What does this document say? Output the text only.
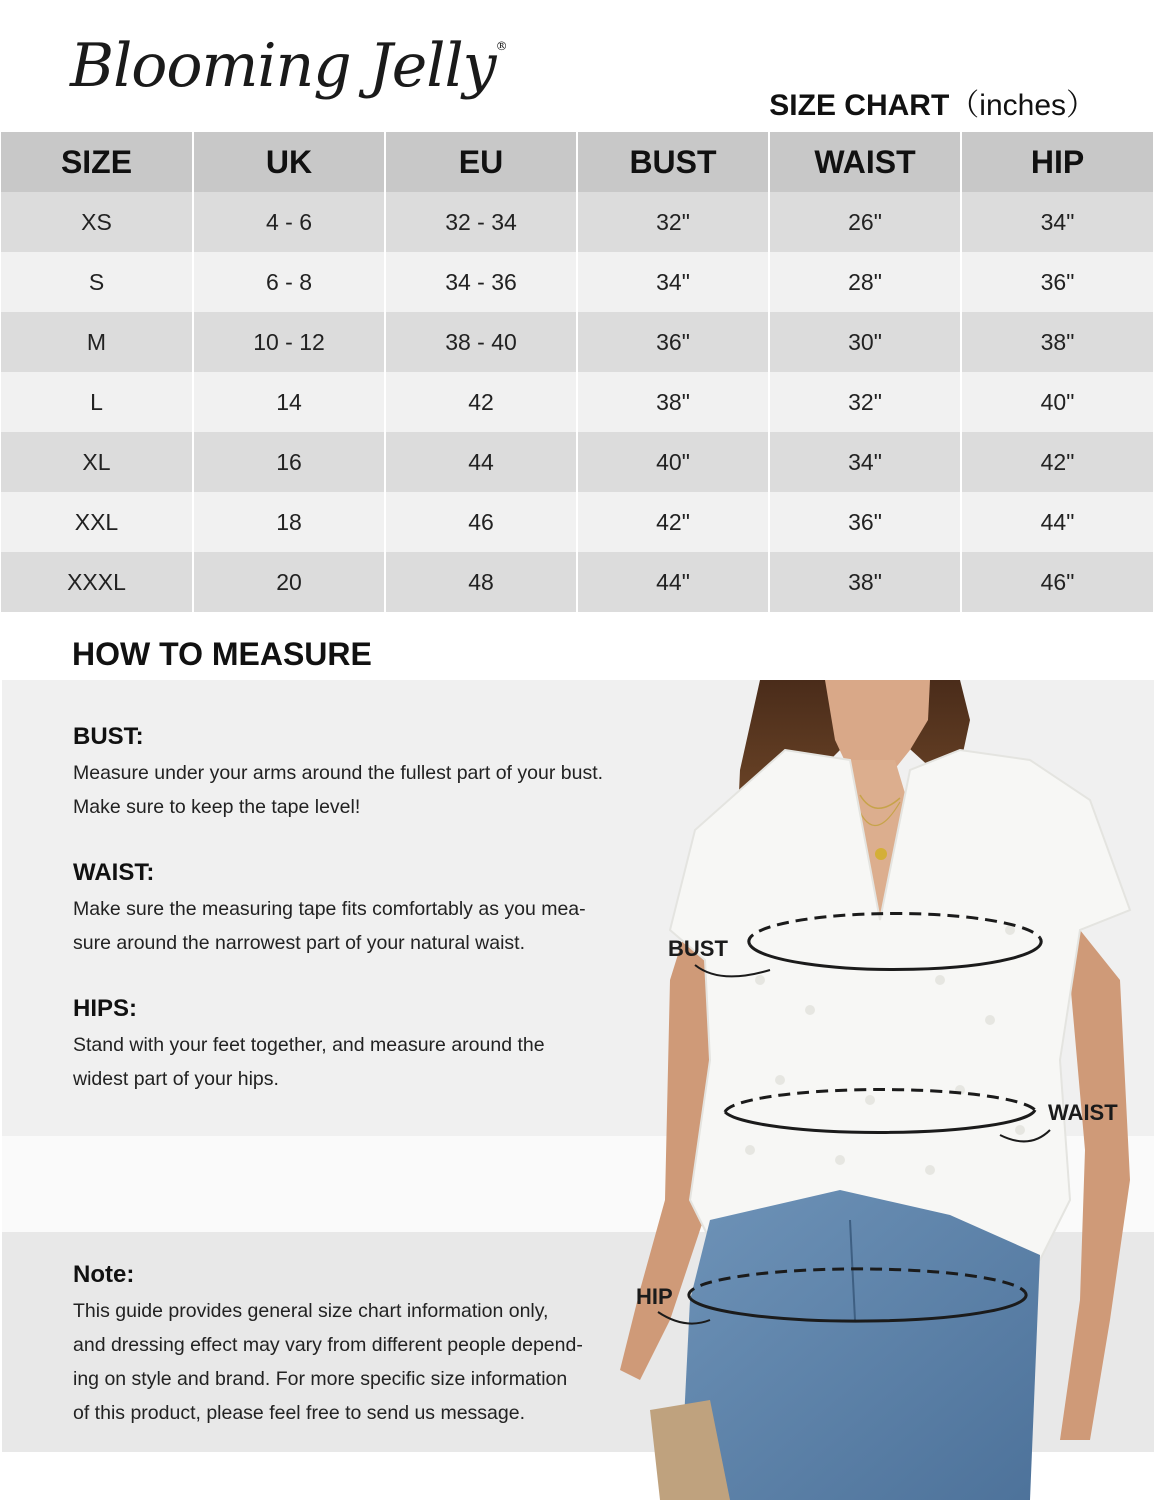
Blooming Jelly®
SIZE CHART（inches）
SIZE	UK	EU	BUST	WAIST	HIP
XS	4 - 6	32 - 34	32"	26"	34"
S	6 - 8	34 - 36	34"	28"	36"
M	10 - 12	38 - 40	36"	30"	38"
L	14	42	38"	32"	40"
XL	16	44	40"	34"	42"
XXL	18	46	42"	36"	44"
XXXL	20	48	44"	38"	46"
HOW TO MEASURE
BUST:

Measure under your arms around the fullest part of your bust.

Make sure to keep the tape level!

WAIST:

Make sure the measuring tape fits comfortably as you mea-

sure around the narrowest part of your natural waist.

HIPS:

Stand with your feet together, and measure around the

widest part of your hips.

Note:

This guide provides general size chart information only,

and dressing effect may vary from different people depend-

ing on style and brand. For more specific size information

of this product, please feel free to send us message.

BUST
WAIST
HIP
